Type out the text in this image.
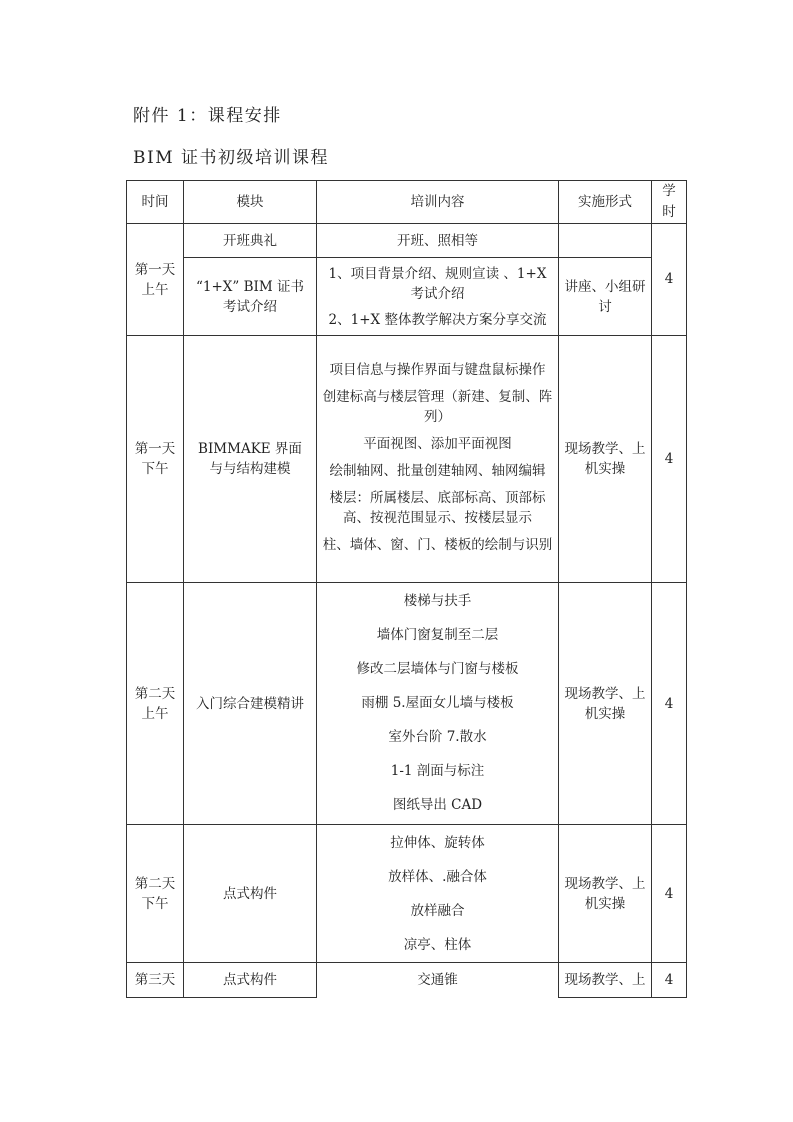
附件 1：课程安排
BIM 证书初级培训课程
时间	模块	培训内容	实施形式	学
时

第一天上午	开班典礼	开班、照相等		4
	“1+X” BIM 证书考试介绍	1、项目背景介绍、规则宣读 、1+X 考试介绍
2、1+X 整体教学解决方案分享交流	讲座、小组研讨	
第一天下午	BIMMAKE 界面与与结构建模	
项目信息与操作界面与键盘鼠标操作
创建标高与楼层管理（新建、复制、阵列）
平面视图、添加平面视图
绘制轴网、批量创建轴网、轴网编辑
楼层：所属楼层、底部标高、顶部标高、按视范围显示、按楼层显示
柱、墙体、窗、门、楼板的绘制与识别
	现场教学、上机实操	4
第二天上午	入门综合建模精讲	
楼梯与扶手
墙体门窗复制至二层
修改二层墙体与门窗与楼板
雨棚 5.屋面女儿墙与楼板
室外台阶 7.散水
1-1 剖面与标注
图纸导出 CAD
	现场教学、上机实操	4
第二天下午	点式构件	拉伸体、旋转体
放样体、.融合体
放样融合
凉亭、柱体	现场教学、上机实操	4
第三天	点式构件	交通锥	现场教学、上	4
